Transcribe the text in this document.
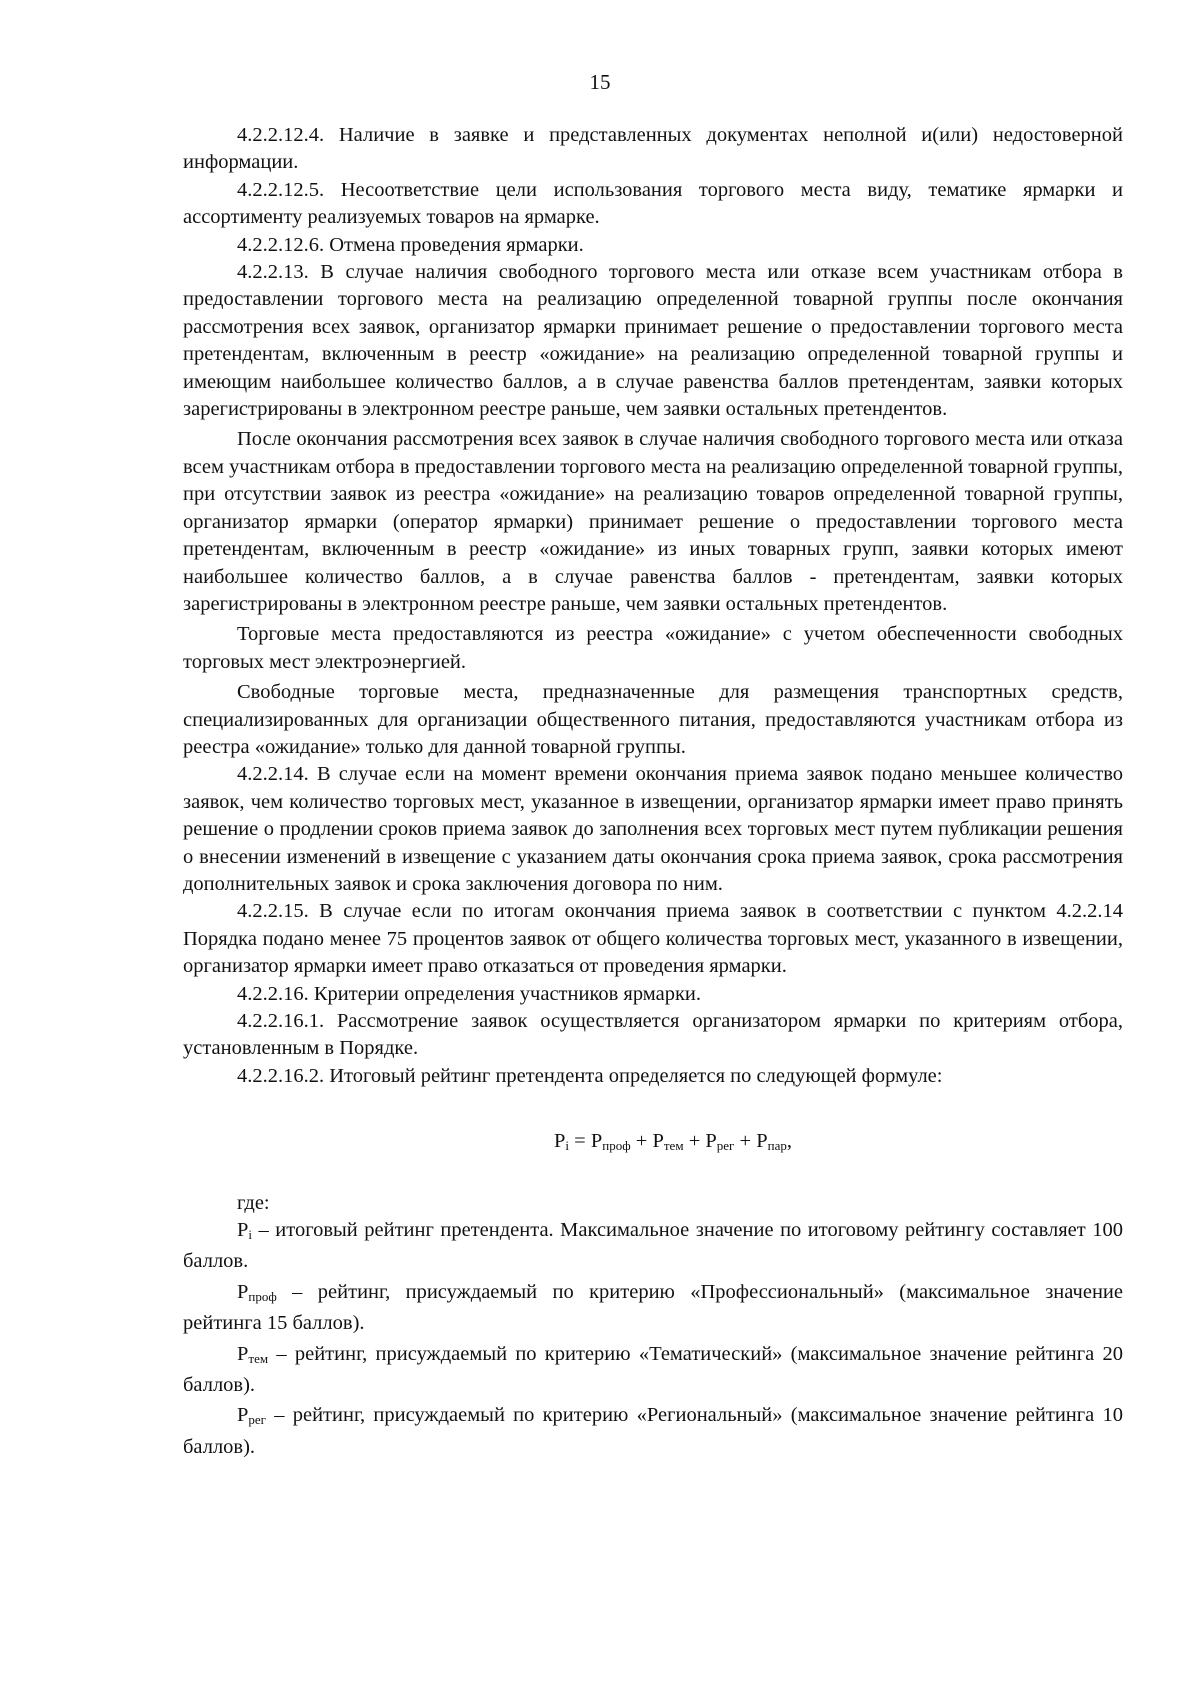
15

4.2.2.12.4. Наличие в заявке и представленных документах неполной и(или) недостоверной информации.

4.2.2.12.5. Несоответствие цели использования торгового места виду, тематике ярмарки и ассортименту реализуемых товаров на ярмарке.

4.2.2.12.6. Отмена проведения ярмарки.

4.2.2.13. В случае наличия свободного торгового места или отказе всем участникам отбора в предоставлении торгового места на реализацию определенной товарной группы после окончания рассмотрения всех заявок, организатор ярмарки принимает решение о предоставлении торгового места претендентам, включенным в реестр «ожидание» на реализацию определенной товарной группы и имеющим наибольшее количество баллов, а в случае равенства баллов претендентам, заявки которых зарегистрированы в электронном реестре раньше, чем заявки остальных претендентов.

После окончания рассмотрения всех заявок в случае наличия свободного торгового места или отказа всем участникам отбора в предоставлении торгового места на реализацию определенной товарной группы, при отсутствии заявок из реестра «ожидание» на реализацию товаров определенной товарной группы, организатор ярмарки (оператор ярмарки) принимает решение о предоставлении торгового места претендентам, включенным в реестр «ожидание» из иных товарных групп, заявки которых имеют наибольшее количество баллов, а в случае равенства баллов - претендентам, заявки которых зарегистрированы в электронном реестре раньше, чем заявки остальных претендентов.

Торговые места предоставляются из реестра «ожидание» с учетом обеспеченности свободных торговых мест электроэнергией.

Свободные торговые места, предназначенные для размещения транспортных средств, специализированных для организации общественного питания, предоставляются участникам отбора из реестра «ожидание» только для данной товарной группы.

4.2.2.14. В случае если на момент времени окончания приема заявок подано меньшее количество заявок, чем количество торговых мест, указанное в извещении, организатор ярмарки имеет право принять решение о продлении сроков приема заявок до заполнения всех торговых мест путем публикации решения о внесении изменений в извещение с указанием даты окончания срока приема заявок, срока рассмотрения дополнительных заявок и срока заключения договора по ним.

4.2.2.15. В случае если по итогам окончания приема заявок в соответствии с пунктом 4.2.2.14 Порядка подано менее 75 процентов заявок от общего количества торговых мест, указанного в извещении, организатор ярмарки имеет право отказаться от проведения ярмарки.

4.2.2.16. Критерии определения участников ярмарки.

4.2.2.16.1. Рассмотрение заявок осуществляется организатором ярмарки по критериям отбора, установленным в Порядке.

4.2.2.16.2. Итоговый рейтинг претендента определяется по следующей формуле:

$P_i = P_{проф} + P_{тем} + P_{рег} + P_{пар}$,

где:

$P_i$ – итоговый рейтинг претендента. Максимальное значение по итоговому рейтингу составляет 100 баллов.

$P_{проф}$ – рейтинг, присуждаемый по критерию «Профессиональный» (максимальное значение рейтинга 15 баллов).

$P_{тем}$ – рейтинг, присуждаемый по критерию «Тематический» (максимальное значение рейтинга 20 баллов).

$P_{рег}$ – рейтинг, присуждаемый по критерию «Региональный» (максимальное значение рейтинга 10 баллов).
